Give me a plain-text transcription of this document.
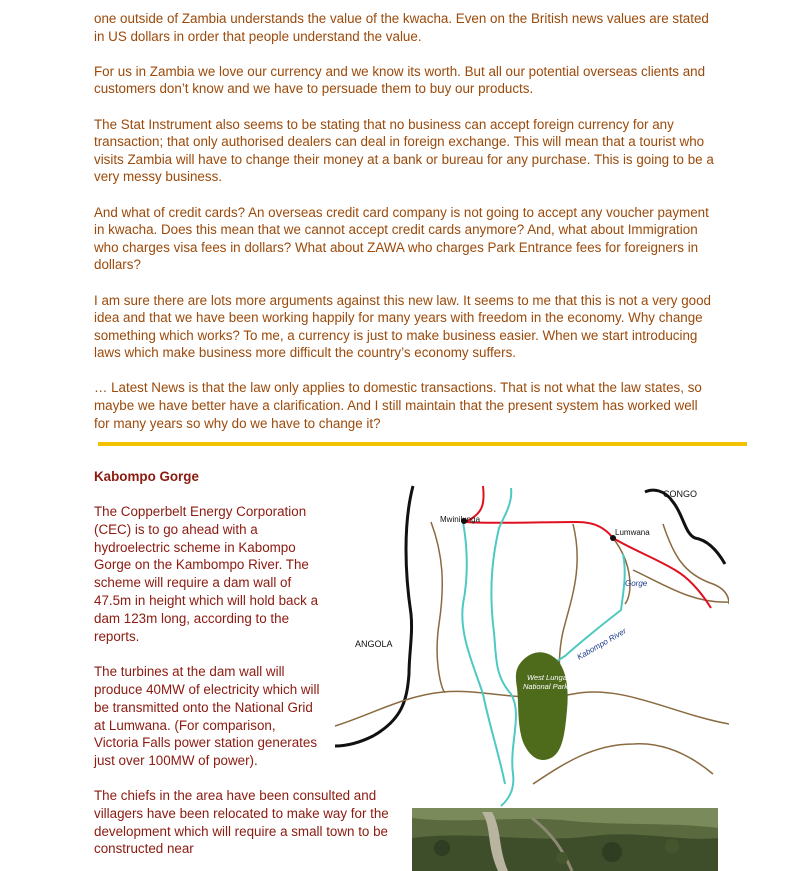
one outside of Zambia understands the value of the kwacha. Even on the British news values are stated in US dollars in order that people understand the value.

For us in Zambia we love our currency and we know its worth. But all our potential overseas clients and customers don’t know and we have to persuade them to buy our products.

The Stat Instrument also seems to be stating that no business can accept foreign currency for any transaction; that only authorised dealers can deal in foreign exchange. This will mean that a tourist who visits Zambia will have to change their money at a bank or bureau for any purchase. This is going to be a very messy business.

And what of credit cards? An overseas credit card company is not going to accept any voucher payment in kwacha. Does this mean that we cannot accept credit cards anymore? And, what about Immigration who charges visa fees in dollars? What about ZAWA who charges Park Entrance fees for foreigners in dollars?

I am sure there are lots more arguments against this new law. It seems to me that this is not a very good idea and that we have been working happily for many years with freedom in the economy. Why change something which works? To me, a currency is just to make business easier. When we start introducing laws which make business more difficult the country’s economy suffers.

… Latest News is that the law only applies to domestic transactions. That is not what the law states, so maybe we have better have a clarification. And I still maintain that the present system has worked well for many years so why do we have to change it?

Kabompo Gorge

The Copperbelt Energy Corporation (CEC) is to go ahead with a hydroelectric scheme in Kabompo Gorge on the Kambompo River. The scheme will require a dam wall of 47.5m in height which will hold back a dam 123m long, according to the reports.

The turbines at the dam wall will produce 40MW of electricity which will be transmitted onto the National Grid at Lumwana. (For comparison, Victoria Falls power station generates just over 100MW of power).

The chiefs in the area have been consulted and villagers have been relocated to make way for the development which will require a small town to be constructed near
CONGO
Mwinilunga
Lumwana
Gorge
ANGOLA	Kabompo River
West Lunga
National Park
